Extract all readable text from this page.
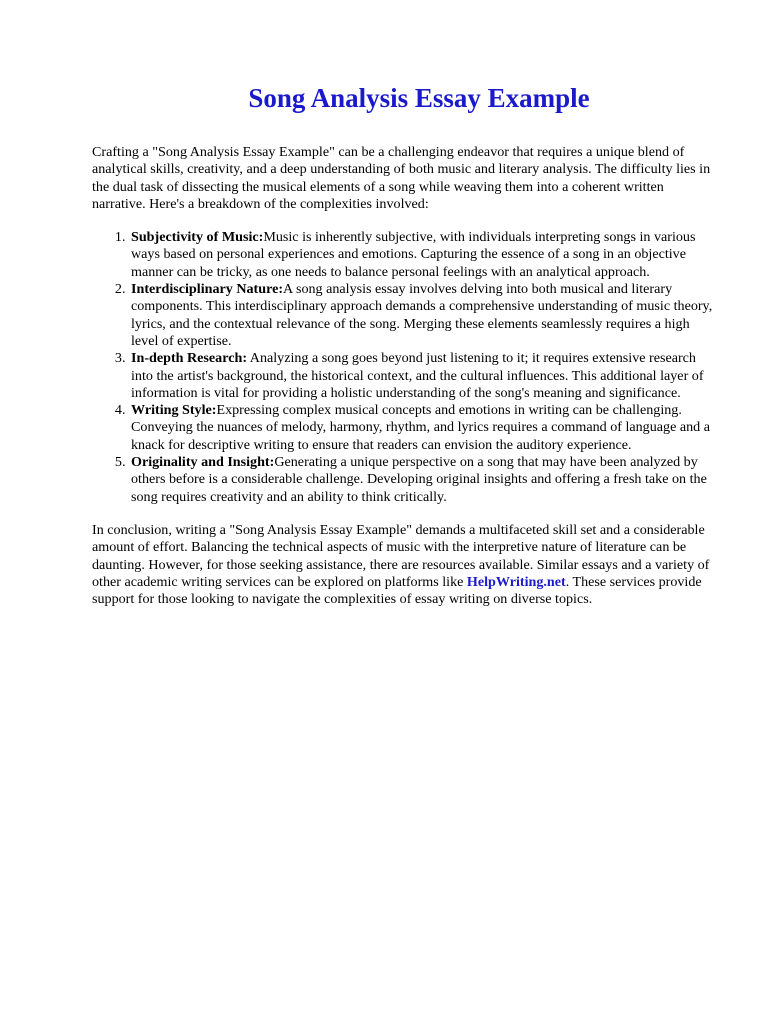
Song Analysis Essay Example

Crafting a "Song Analysis Essay Example" can be a challenging endeavor that requires a unique blend of analytical skills, creativity, and a deep understanding of both music and literary analysis. The difficulty lies in the dual task of dissecting the musical elements of a song while weaving them into a coherent written narrative. Here's a breakdown of the complexities involved:

1. Subjectivity of Music:Music is inherently subjective, with individuals interpreting songs in various ways based on personal experiences and emotions. Capturing the essence of a song in an objective manner can be tricky, as one needs to balance personal feelings with an analytical approach.
2. Interdisciplinary Nature:A song analysis essay involves delving into both musical and literary components. This interdisciplinary approach demands a comprehensive understanding of music theory, lyrics, and the contextual relevance of the song. Merging these elements seamlessly requires a high level of expertise.
3. In-depth Research: Analyzing a song goes beyond just listening to it; it requires extensive research into the artist's background, the historical context, and the cultural influences. This additional layer of information is vital for providing a holistic understanding of the song's meaning and significance.
4. Writing Style:Expressing complex musical concepts and emotions in writing can be challenging. Conveying the nuances of melody, harmony, rhythm, and lyrics requires a command of language and a knack for descriptive writing to ensure that readers can envision the auditory experience.
5. Originality and Insight:Generating a unique perspective on a song that may have been analyzed by others before is a considerable challenge. Developing original insights and offering a fresh take on the song requires creativity and an ability to think critically.

In conclusion, writing a "Song Analysis Essay Example" demands a multifaceted skill set and a considerable amount of effort. Balancing the technical aspects of music with the interpretive nature of literature can be daunting. However, for those seeking assistance, there are resources available. Similar essays and a variety of other academic writing services can be explored on platforms like HelpWriting.net. These services provide support for those looking to navigate the complexities of essay writing on diverse topics.
